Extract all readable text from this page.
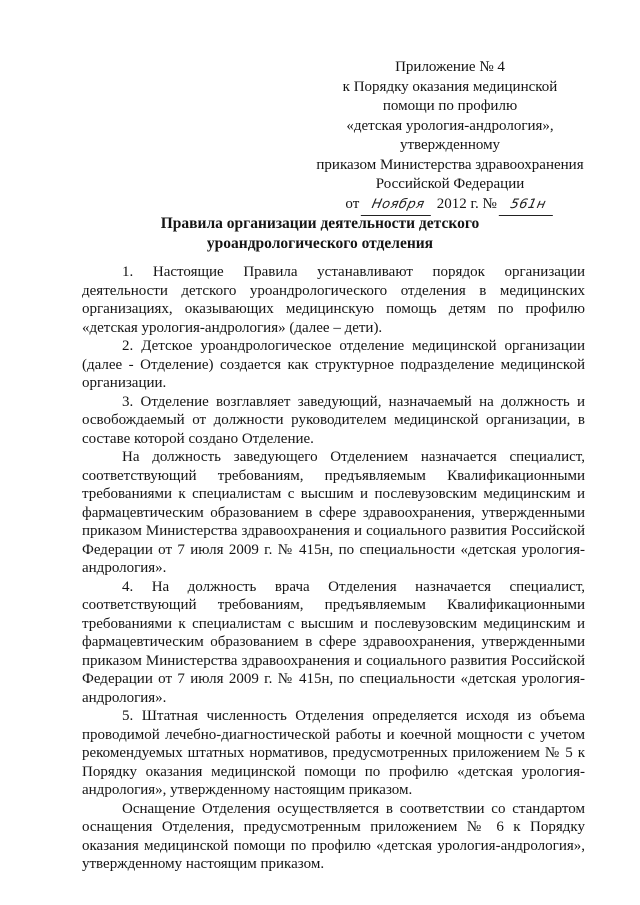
Приложение № 4
к Порядку оказания медицинской
помощи по профилю
«детская урология-андрология»,
утвержденному
приказом Министерства здравоохранения
Российской Федерации
от Ноября 2012 г. № 561н
Правила организации деятельности детского
уроандрологического отделения

1. Настоящие Правила устанавливают порядок организации деятельности детского уроандрологического отделения в медицинских организациях, оказывающих медицинскую помощь детям по профилю «детская урология-андрология» (далее – дети).

2. Детское уроандрологическое отделение медицинской организации (далее - Отделение) создается как структурное подразделение медицинской организации.

3. Отделение возглавляет заведующий, назначаемый на должность и освобождаемый от должности руководителем медицинской организации, в составе которой создано Отделение.

На должность заведующего Отделением назначается специалист, соответствующий требованиям, предъявляемым Квалификационными требованиями к специалистам с высшим и послевузовским медицинским и фармацевтическим образованием в сфере здравоохранения, утвержденными приказом Министерства здравоохранения и социального развития Российской Федерации от 7 июля 2009 г. № 415н, по специальности «детская урология-андрология».

4. На должность врача Отделения назначается специалист, соответствующий требованиям, предъявляемым Квалификационными требованиями к специалистам с высшим и послевузовским медицинским и фармацевтическим образованием в сфере здравоохранения, утвержденными приказом Министерства здравоохранения и социального развития Российской Федерации от 7 июля 2009 г. № 415н, по специальности «детская урология-андрология».

5. Штатная численность Отделения определяется исходя из объема проводимой лечебно-диагностической работы и коечной мощности с учетом рекомендуемых штатных нормативов, предусмотренных приложением № 5 к Порядку оказания медицинской помощи по профилю «детская урология-андрология», утвержденному настоящим приказом.

Оснащение Отделения осуществляется в соответствии со стандартом оснащения Отделения, предусмотренным приложением № 6 к Порядку оказания медицинской помощи по профилю «детская урология-андрология», утвержденному настоящим приказом.
